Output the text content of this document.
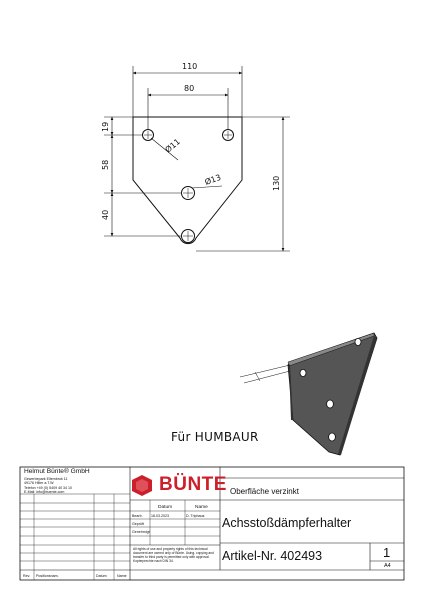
110
80
19
58
40
130
Ø11
Ø13
Für HUMBAUR
Helmut Bünte® GmbH
Gewerbepark Ellernbrok 11
49176 Hilter a.T.W.
Telefon +49 (0) 5409 40 34 10
E-Mail: info@buente.com	BÜNTE Oberfläche verzinkt
Datum	Name
Bearb. 18.03.2023	D. Triphaus
Geprüft
Genehmigt
All rights of use and property rights of this technical document are owned only of Bünte. Using, copying and transfer to third party is permitted only with approval. Kopierprechte nach DIN 34.
Achsstoßdämpferhalter
Artikel-Nr. 402493	1
A4
Rev. Positionsnam.	Datum	Name
